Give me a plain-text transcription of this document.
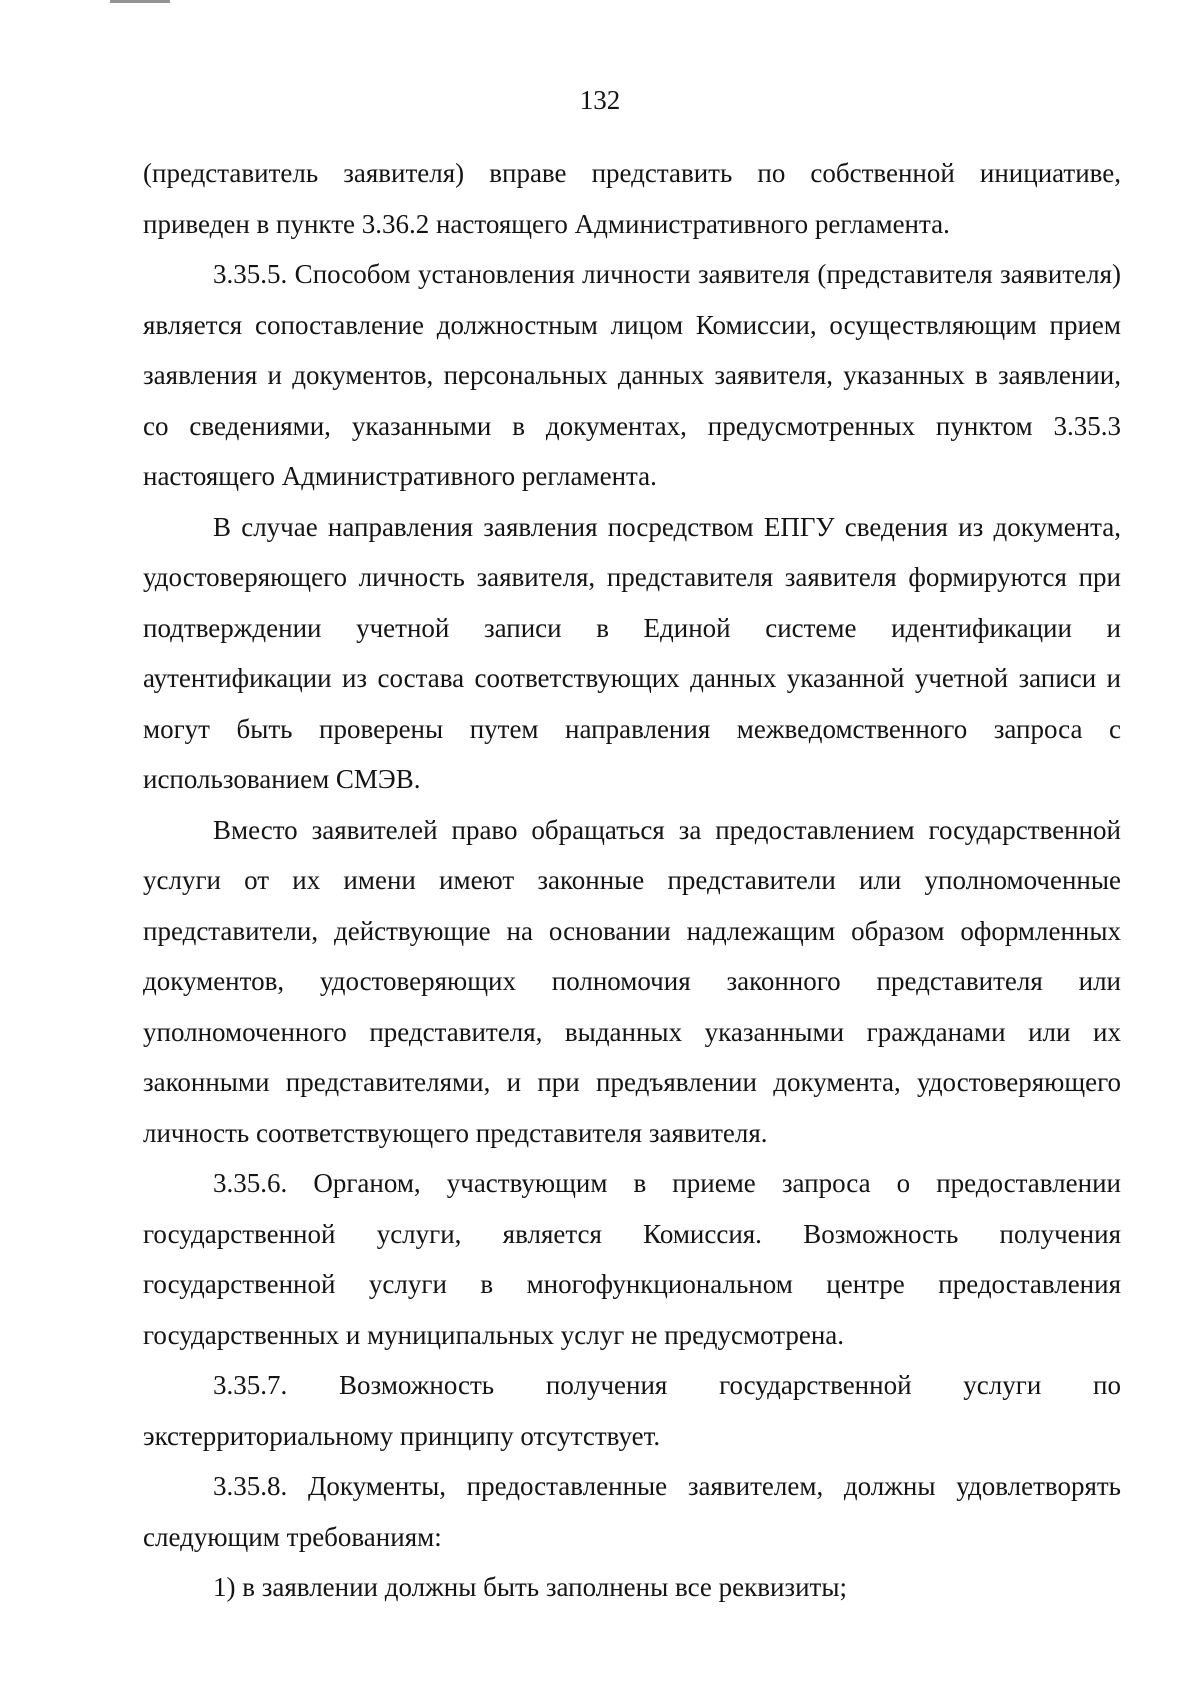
132

(представитель заявителя) вправе представить по собственной инициативе, приведен в пункте 3.36.2 настоящего Административного регламента.

3.35.5. Способом установления личности заявителя (представителя заявителя) является сопоставление должностным лицом Комиссии, осуществляющим прием заявления и документов, персональных данных заявителя, указанных в заявлении, со сведениями, указанными в документах, предусмотренных пунктом 3.35.3 настоящего Административного регламента.

В случае направления заявления посредством ЕПГУ сведения из документа, удостоверяющего личность заявителя, представителя заявителя формируются при подтверждении учетной записи в Единой системе идентификации и аутентификации из состава соответствующих данных указанной учетной записи и могут быть проверены путем направления межведомственного запроса с использованием СМЭВ.

Вместо заявителей право обращаться за предоставлением государственной услуги от их имени имеют законные представители или уполномоченные представители, действующие на основании надлежащим образом оформленных документов, удостоверяющих полномочия законного представителя или уполномоченного представителя, выданных указанными гражданами или их законными представителями, и при предъявлении документа, удостоверяющего личность соответствующего представителя заявителя.

3.35.6. Органом, участвующим в приеме запроса о предоставлении государственной услуги, является Комиссия. Возможность получения государственной услуги в многофункциональном центре предоставления государственных и муниципальных услуг не предусмотрена.

3.35.7. Возможность получения государственной услуги по экстерриториальному принципу отсутствует.

3.35.8. Документы, предоставленные заявителем, должны удовлетворять следующим требованиям:

1) в заявлении должны быть заполнены все реквизиты;
